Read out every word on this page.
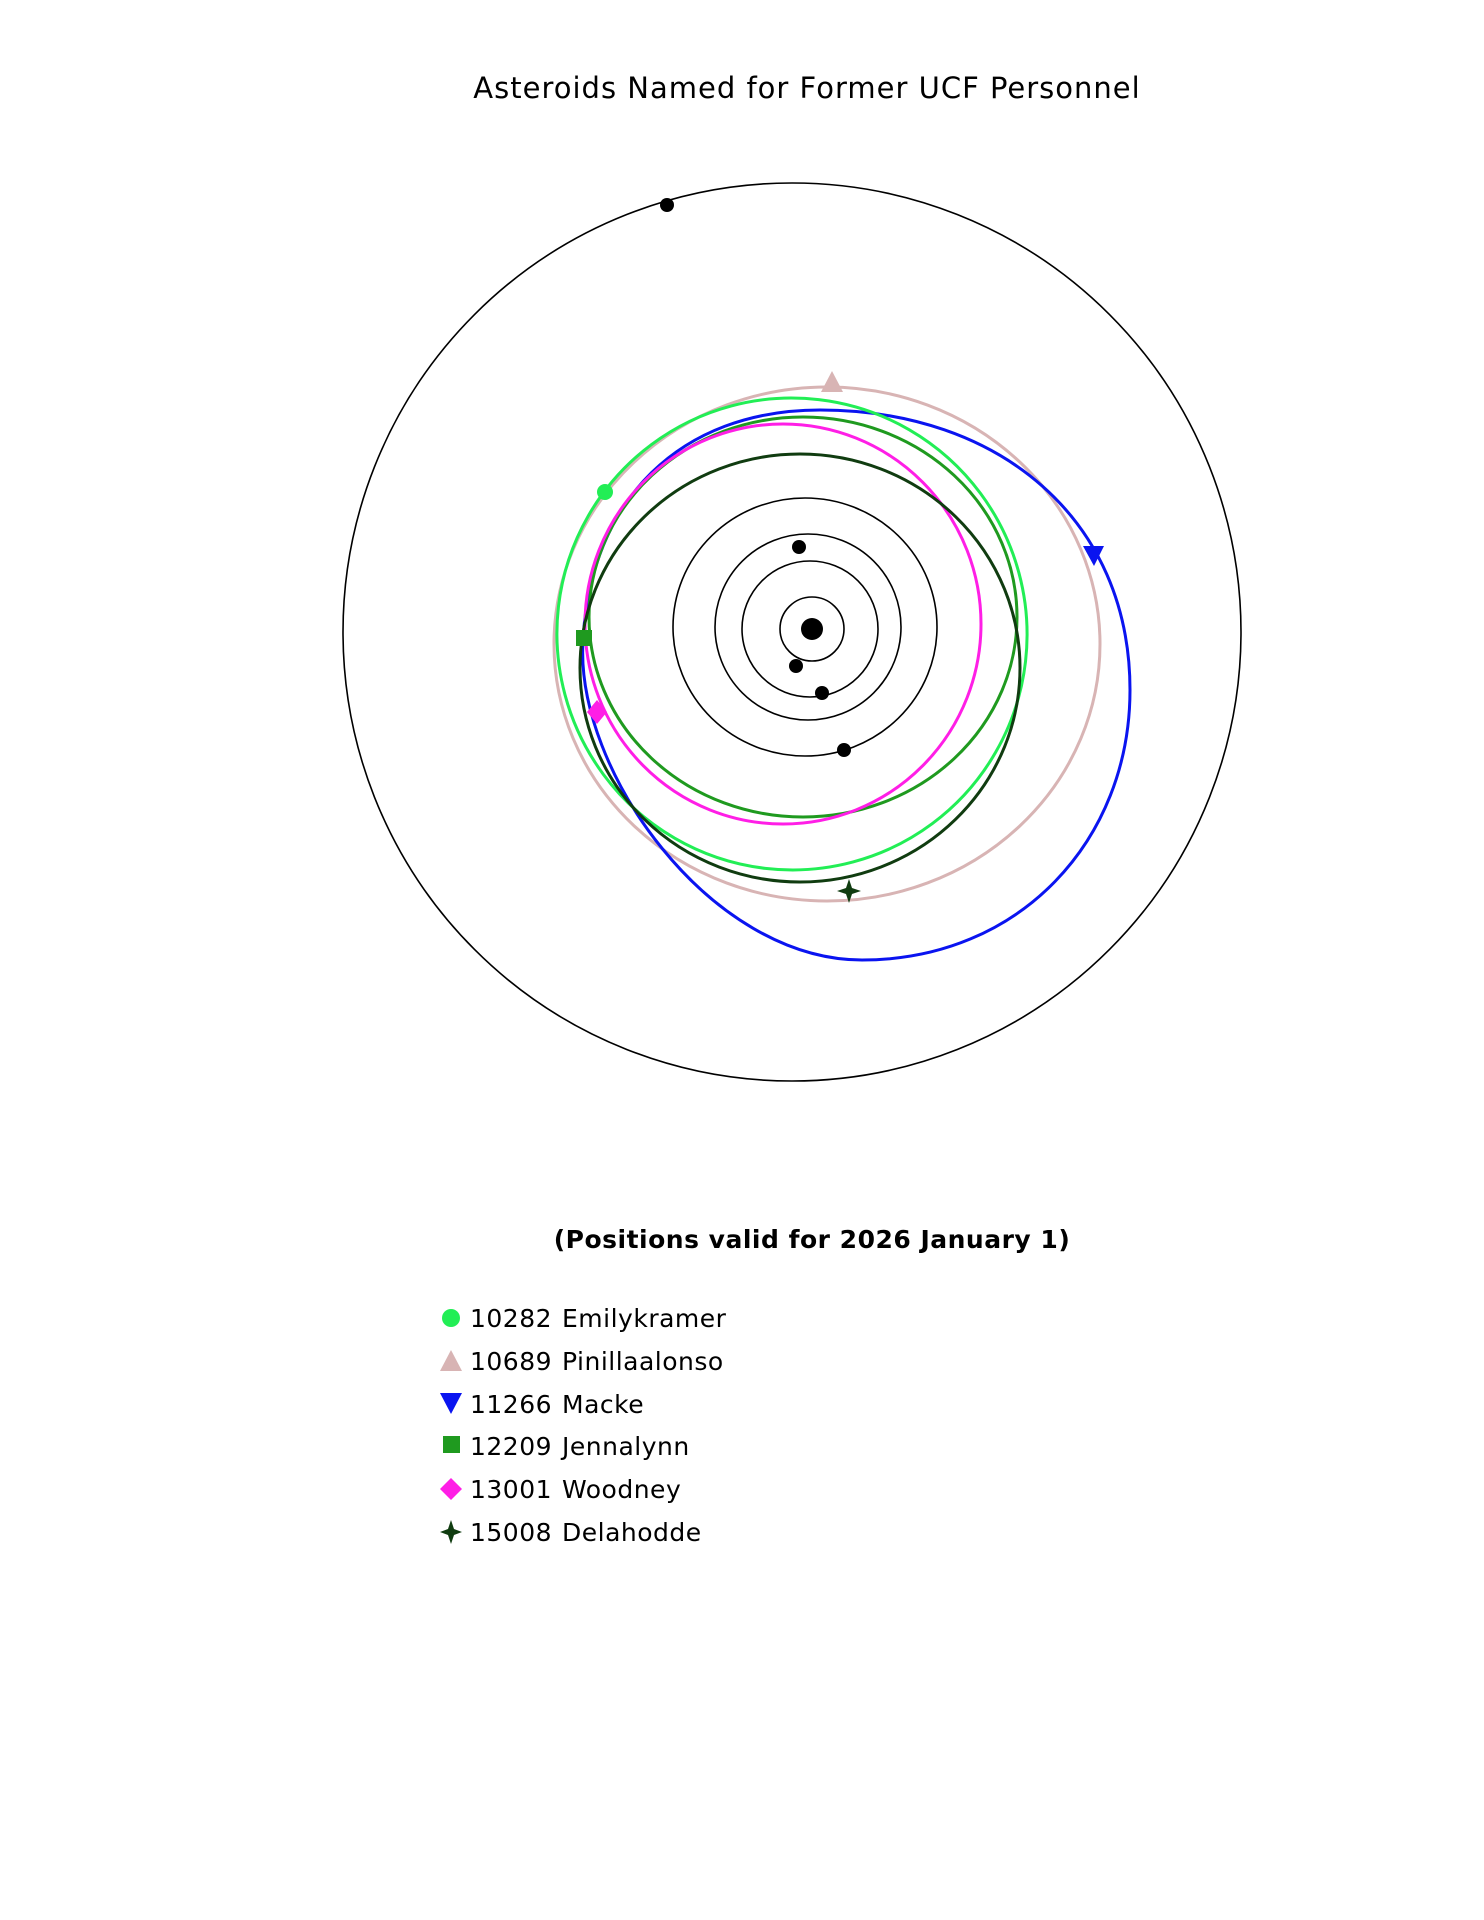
Asteroids Named for Former UCF Personnel
(Positions valid for 2026 January 1)
10282 Emilykramer
10689 Pinillaalonso
11266 Macke
12209 Jennalynn
13001 Woodney
15008 Delahodde
